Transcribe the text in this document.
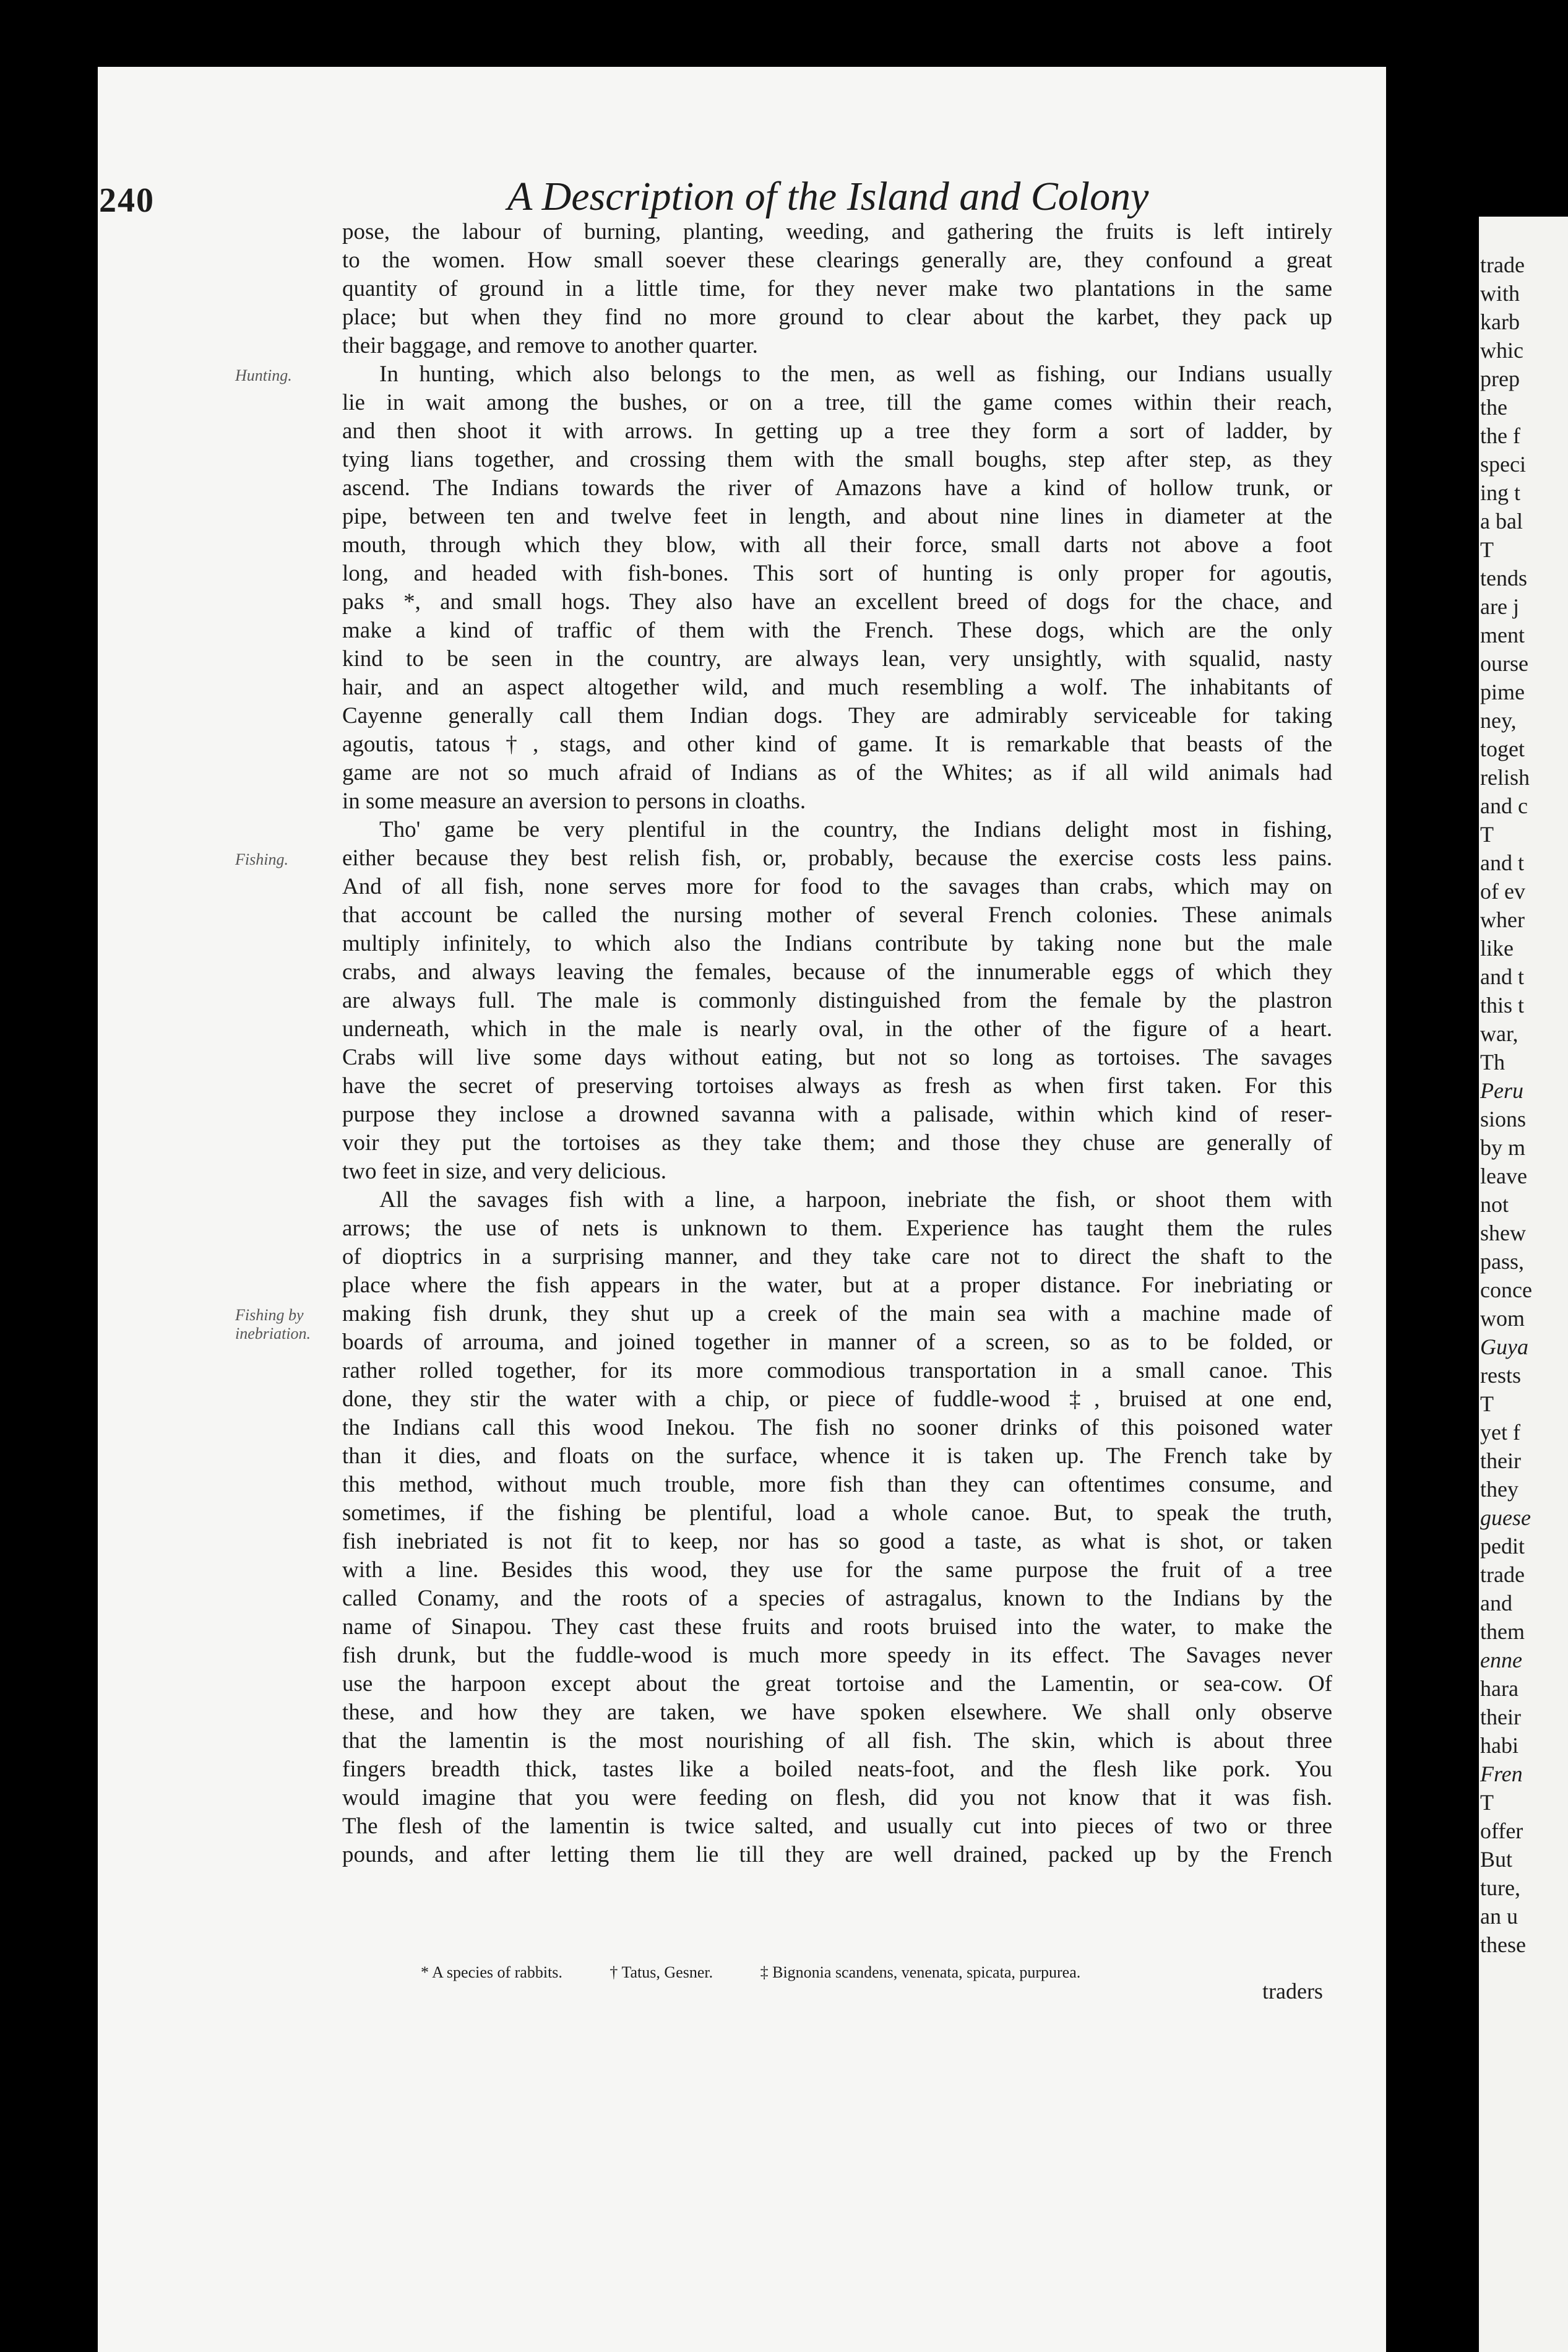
240	A Description of the Island and Colony
pose, the labour of burning, planting, weeding, and gathering the fruits is left intirely
to the women. How small soever these clearings generally are, they confound a great
quantity of ground in a little time, for they never make two plantations in the same
place; but when they find no more ground to clear about the karbet, they pack up
their baggage, and remove to another quarter.
In hunting, which also belongs to the men, as well as fishing, our Indians usually
lie in wait among the bushes, or on a tree, till the game comes within their reach,
and then shoot it with arrows. In getting up a tree they form a sort of ladder, by
tying lians together, and crossing them with the small boughs, step after step, as they
ascend. The Indians towards the river of Amazons have a kind of hollow trunk, or
pipe, between ten and twelve feet in length, and about nine lines in diameter at the
mouth, through which they blow, with all their force, small darts not above a foot
long, and headed with fish-bones. This sort of hunting is only proper for agoutis,
paks *, and small hogs. They also have an excellent breed of dogs for the chace, and
make a kind of traffic of them with the French. These dogs, which are the only
kind to be seen in the country, are always lean, very unsightly, with squalid, nasty
hair, and an aspect altogether wild, and much resembling a wolf. The inhabitants of
Cayenne generally call them Indian dogs. They are admirably serviceable for taking
agoutis, tatous†, stags, and other kind of game. It is remarkable that beasts of the
game are not so much afraid of Indians as of the Whites; as if all wild animals had
in some measure an aversion to persons in cloaths.
Tho' game be very plentiful in the country, the Indians delight most in fishing,
either because they best relish fish, or, probably, because the exercise costs less pains.
And of all fish, none serves more for food to the savages than crabs, which may on
that account be called the nursing mother of several French colonies. These animals
multiply infinitely, to which also the Indians contribute by taking none but the male
crabs, and always leaving the females, because of the innumerable eggs of which they
are always full. The male is commonly distinguished from the female by the plastron
underneath, which in the male is nearly oval, in the other of the figure of a heart.
Crabs will live some days without eating, but not so long as tortoises. The savages
have the secret of preserving tortoises always as fresh as when first taken. For this
purpose they inclose a drowned savanna with a palisade, within which kind of reser-
voir they put the tortoises as they take them; and those they chuse are generally of
two feet in size, and very delicious.
All the savages fish with a line, a harpoon, inebriate the fish, or shoot them with
arrows; the use of nets is unknown to them. Experience has taught them the rules
of dioptrics in a surprising manner, and they take care not to direct the shaft to the
place where the fish appears in the water, but at a proper distance. For inebriating or
making fish drunk, they shut up a creek of the main sea with a machine made of
boards of arrouma, and joined together in manner of a screen, so as to be folded, or
rather rolled together, for its more commodious transportation in a small canoe. This
done, they stir the water with a chip, or piece of fuddle-wood ‡, bruised at one end,
the Indians call this wood Inekou. The fish no sooner drinks of this poisoned water
than it dies, and floats on the surface, whence it is taken up. The French take by
this method, without much trouble, more fish than they can oftentimes consume, and
sometimes, if the fishing be plentiful, load a whole canoe. But, to speak the truth,
fish inebriated is not fit to keep, nor has so good a taste, as what is shot, or taken
with a line. Besides this wood, they use for the same purpose the fruit of a tree
called Conamy, and the roots of a species of astragalus, known to the Indians by the
name of Sinapou. They cast these fruits and roots bruised into the water, to make the
fish drunk, but the fuddle-wood is much more speedy in its effect. The Savages never
use the harpoon except about the great tortoise and the Lamentin, or sea-cow. Of
these, and how they are taken, we have spoken elsewhere. We shall only observe
that the lamentin is the most nourishing of all fish. The skin, which is about three
fingers breadth thick, tastes like a boiled neats-foot, and the flesh like pork. You
would imagine that you were feeding on flesh, did you not know that it was fish.
The flesh of the lamentin is twice salted, and usually cut into pieces of two or three
pounds, and after letting them lie till they are well drained, packed up by the French
Hunting.
Fishing.
Fishing by inebriation.
* A species of rabbits.	† Tatus, Gesner.	‡ Bignonia scandens, venenata, spicata, purpurea.
traders
trade
with
karb
whic
prep
the
the f
speci
ing t
a bal
T
tends
are j
ment
ourse
pime
ney,
toget
relish
and c
T
and t
of ev
wher
like
and t
this t
war,
Th
Peru
sions
by m
leave
not
shew
pass,
conce
wom
Guya
rests
T
yet f
their
they
guese
pedit
trade
and
them
enne
hara
their
habi
Fren
T
offer
But
ture,
an u
these
